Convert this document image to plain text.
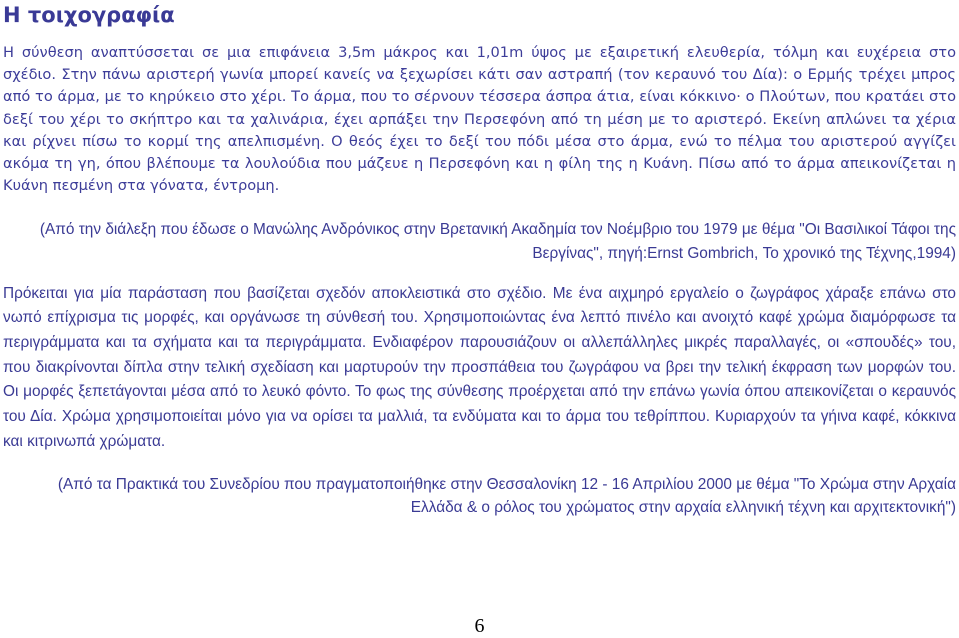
Η τοιχογραφία

Η σύνθεση αναπτύσσεται σε μια επιφάνεια 3,5m μάκρος και 1,01m ύψος με εξαιρετική ελευθερία, τόλμη και ευχέρεια στο σχέδιο. Στην πάνω αριστερή γωνία μπορεί κανείς να ξεχωρίσει κάτι σαν αστραπή (τον κεραυνό του Δία): ο Ερμής τρέχει μπρος από το άρμα, με το κηρύκειο στο χέρι. Το άρμα, που το σέρνουν τέσσερα άσπρα άτια, είναι κόκκινο· ο Πλούτων, που κρατάει στο δεξί του χέρι το σκήπτρο και τα χαλινάρια, έχει αρπάξει την Περσεφόνη από τη μέση με το αριστερό. Εκείνη απλώνει τα χέρια και ρίχνει πίσω το κορμί της απελπισμένη. Ο θεός έχει το δεξί του πόδι μέσα στο άρμα, ενώ το πέλμα του αριστερού αγγίζει ακόμα τη γη, όπου βλέπουμε τα λουλούδια που μάζευε η Περσεφόνη και η φίλη της η Κυάνη. Πίσω από το άρμα απεικονίζεται η Κυάνη πεσμένη στα γόνατα, έντρομη.

(Από την διάλεξη που έδωσε ο Μανώλης Ανδρόνικος στην Βρετανική Ακαδημία τον Νοέμβριο του 1979 με θέμα "Οι Βασιλικοί Τάφοι της Βεργίνας", πηγή:Ernst Gombrich, Το χρονικό της Τέχνης,1994)

Πρόκειται για μία παράσταση που βασίζεται σχεδόν αποκλειστικά στο σχέδιο. Με ένα αιχμηρό εργαλείο ο ζωγράφος χάραξε επάνω στο νωπό επίχρισμα τις μορφές, και οργάνωσε τη σύνθεσή του. Χρησιμοποιώντας ένα λεπτό πινέλο και ανοιχτό καφέ χρώμα διαμόρφωσε τα περιγράμματα και τα σχήματα και τα περιγράμματα. Ενδιαφέρον παρουσιάζουν οι αλλεπάλληλες μικρές παραλλαγές, οι «σπουδές» του, που διακρίνονται δίπλα στην τελική σχεδίαση και μαρτυρούν την προσπάθεια του ζωγράφου να βρει την τελική έκφραση των μορφών του. Οι μορφές ξεπετάγονται μέσα από το λευκό φόντο. Το φως της σύνθεσης προέρχεται από την επάνω γωνία όπου απεικονίζεται ο κεραυνός του Δία. Χρώμα χρησιμοποιείται μόνο για να ορίσει τα μαλλιά, τα ενδύματα και το άρμα του τεθρίππου. Κυριαρχούν τα γήινα καφέ, κόκκινα και κιτρινωπά χρώματα.

(Από τα Πρακτικά του Συνεδρίου που πραγματοποιήθηκε στην Θεσσαλονίκη 12 - 16 Απριλίου 2000 με θέμα "Το Χρώμα στην Αρχαία Ελλάδα & ο ρόλος του χρώματος στην αρχαία ελληνική τέχνη και αρχιτεκτονική")

6
